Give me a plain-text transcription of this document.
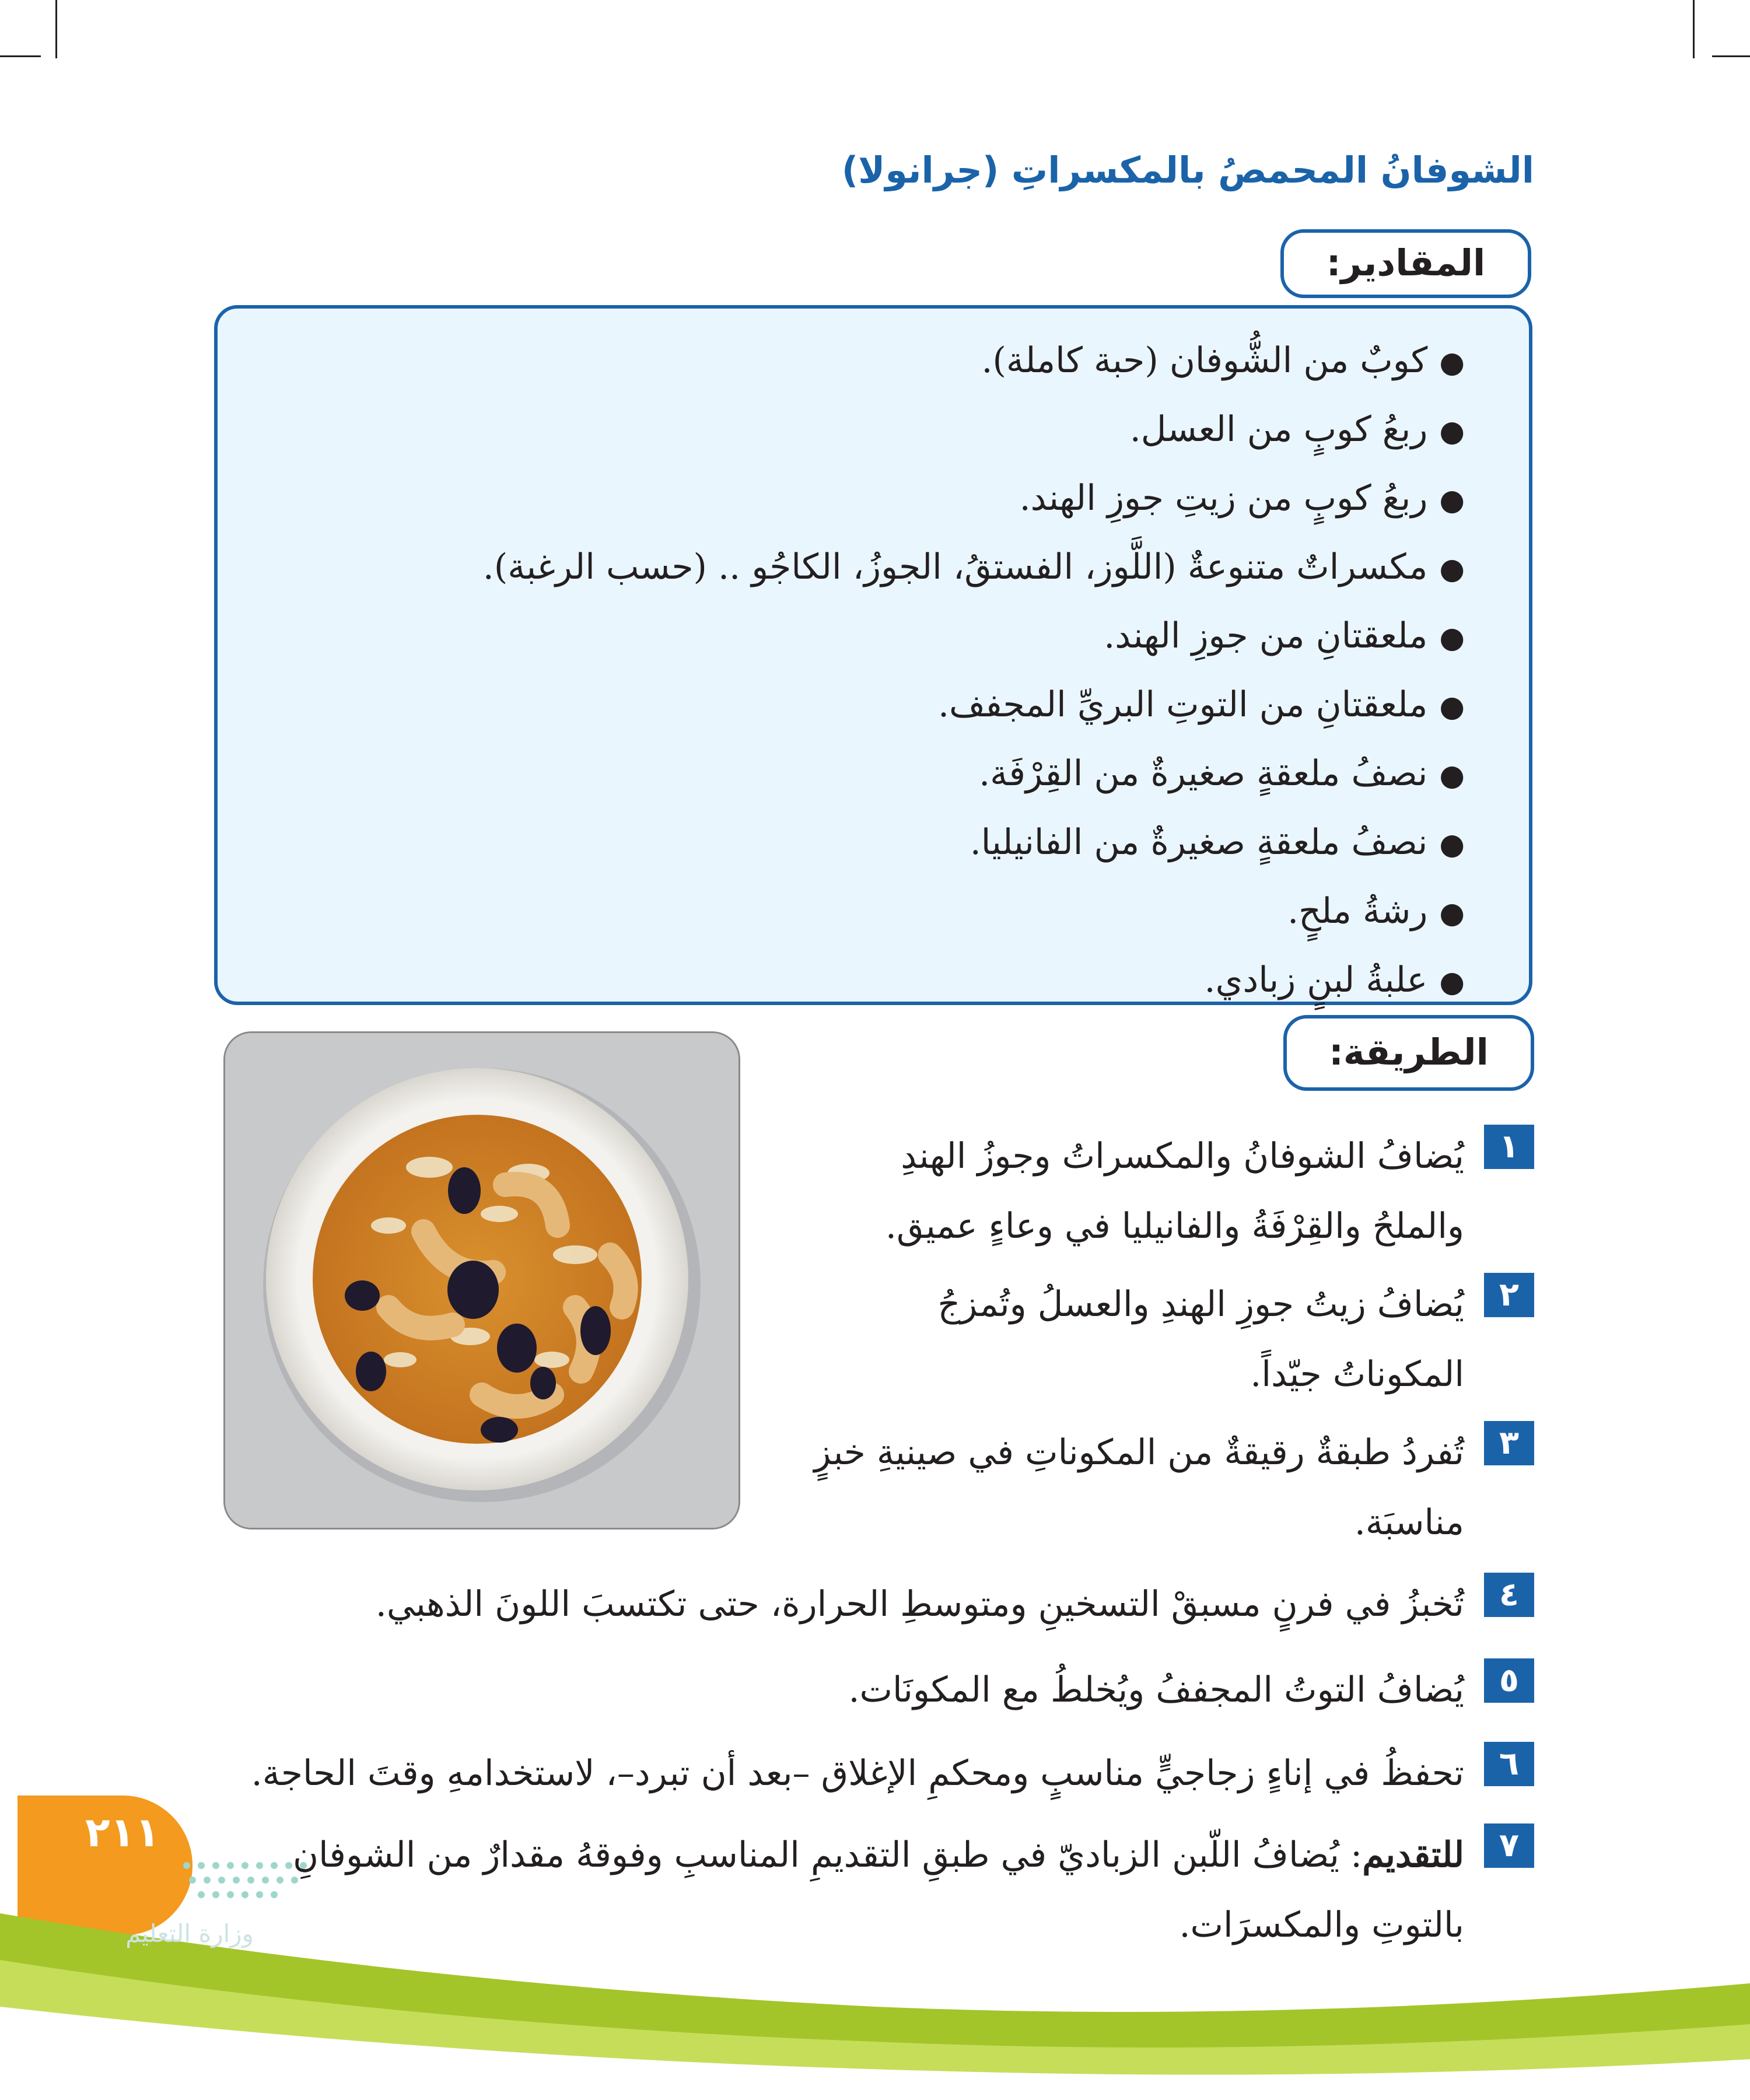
الشوفانُ المحمصُ بالمكسراتِ (جرانولا)
المقادير:
●كوبٌ من الشُّوفان (حبة كاملة).
●ربعُ كوبٍ من العسل.
●ربعُ كوبٍ من زيتِ جوزِ الهند.
●مكسراتٌ متنوعةٌ (اللَّوز، الفستقُ، الجوزُ، الكاجُو .. (حسب الرغبة).
●ملعقتانِ من جوزِ الهند.
●ملعقتانِ من التوتِ البريِّ المجفف.
●نصفُ ملعقةٍ صغيرةٌ من القِرْفَة.
●نصفُ ملعقةٍ صغيرةٌ من الفانيليا.
●رشةُ ملحٍ.
●علبةُ لبنٍ زبادي.
الطريقة:
١
يُضافُ الشوفانُ والمكسراتُ وجوزُ الهندِ
والملحُ والقِرْفَةُ والفانيليا في وعاءٍ عميق.
٢
يُضافُ زيتُ جوزِ الهندِ والعسلُ وتُمزجُ
المكوناتُ جيّداً.
٣
تُفردُ طبقةٌ رقيقةٌ من المكوناتِ في صينيةِ خبزٍ
مناسبَة.
٤
تُخبزُ في فرنٍ مسبقْ التسخينِ ومتوسطِ الحرارة، حتى تكتسبَ اللونَ الذهبي.
٥
يُضافُ التوتُ المجففُ ويُخلطُ مع المكونَات.
٦
تحفظُ في إناءٍ زجاجيٍّ مناسبٍ ومحكمِ الإغلاق –بعد أن تبرد–، لاستخدامهِ وقتَ الحاجة.
٢١١
وزارة التعليم
٧
للتقديم: يُضافُ اللّبن الزباديّ في طبقِ التقديمِ المناسبِ وفوقهُ مقدارٌ من الشوفانِ
بالتوتِ والمكسرَات.
